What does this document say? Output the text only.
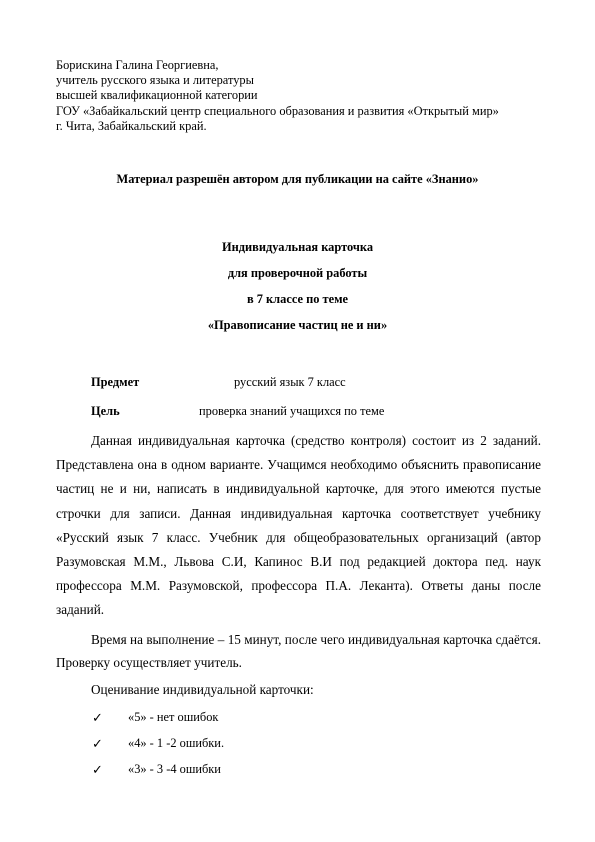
Борискина Галина Георгиевна,
учитель русского языка и литературы
высшей квалификационной категории
ГОУ «Забайкальский центр специального образования и развития «Открытый мир»
г. Чита, Забайкальский край.
Материал разрешён автором для публикации на сайте «Знанио»
Индивидуальная карточка
для проверочной работы
в 7 классе по теме
«Правописание частиц не и ни»
Предмет	русский язык 7 класс
Цель	проверка знаний учащихся по теме
Данная индивидуальная карточка (средство контроля) состоит из 2 заданий. Представлена она в одном варианте. Учащимся необходимо объяснить правописание частиц не и ни, написать в индивидуальной карточке, для этого имеются пустые строчки для записи. Данная индивидуальная карточка соответствует учебнику «Русский язык 7 класс. Учебник для общеобразовательных организаций (автор Разумовская М.М., Львова С.И, Капинос В.И под редакцией доктора пед. наук профессора М.М. Разумовской, профессора П.А. Леканта). Ответы даны после заданий.
Время на выполнение – 15 минут, после чего индивидуальная карточка сдаётся. Проверку осуществляет учитель.
Оценивание индивидуальной карточки:
✓ «5» - нет ошибок
✓ «4» - 1 -2 ошибки.
✓ «3» - 3 -4 ошибки
